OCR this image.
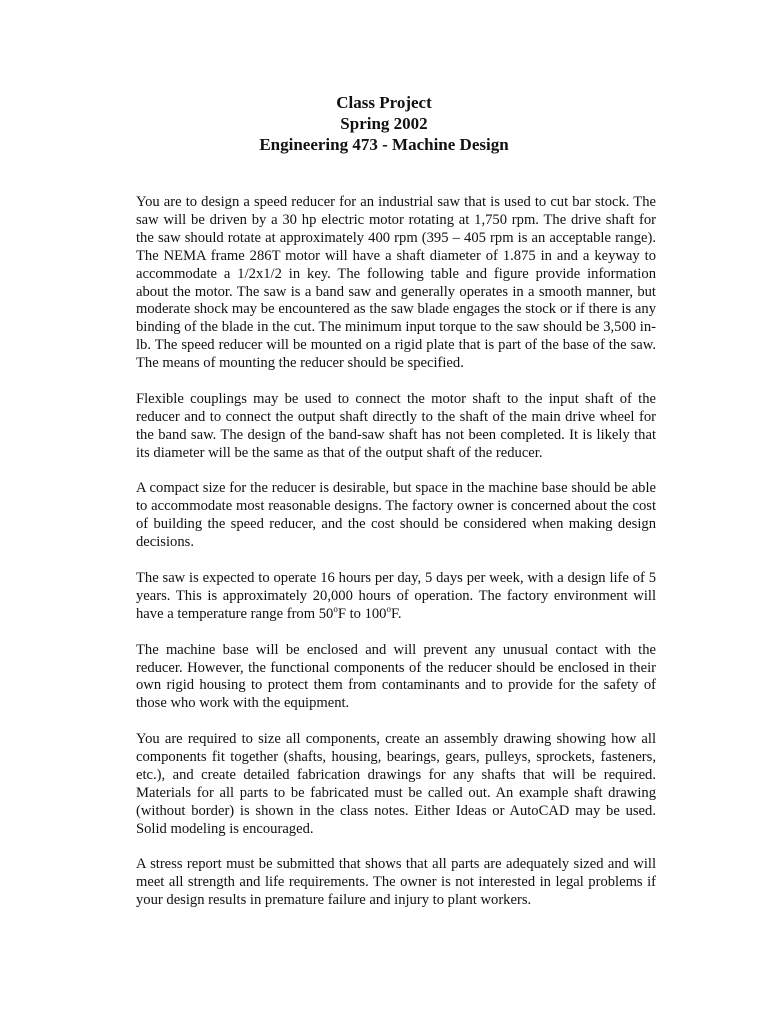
Class Project
Spring 2002
Engineering 473 - Machine Design

You are to design a speed reducer for an industrial saw that is used to cut bar stock. The saw will be driven by a 30 hp electric motor rotating at 1,750 rpm. The drive shaft for the saw should rotate at approximately 400 rpm (395 – 405 rpm is an acceptable range). The NEMA frame 286T motor will have a shaft diameter of 1.875 in and a keyway to accommodate a 1/2x1/2 in key. The following table and figure provide information about the motor. The saw is a band saw and generally operates in a smooth manner, but moderate shock may be encountered as the saw blade engages the stock or if there is any binding of the blade in the cut. The minimum input torque to the saw should be 3,500 in-lb. The speed reducer will be mounted on a rigid plate that is part of the base of the saw. The means of mounting the reducer should be specified.

Flexible couplings may be used to connect the motor shaft to the input shaft of the reducer and to connect the output shaft directly to the shaft of the main drive wheel for the band saw. The design of the band-saw shaft has not been completed. It is likely that its diameter will be the same as that of the output shaft of the reducer.

A compact size for the reducer is desirable, but space in the machine base should be able to accommodate most reasonable designs. The factory owner is concerned about the cost of building the speed reducer, and the cost should be considered when making design decisions.

The saw is expected to operate 16 hours per day, 5 days per week, with a design life of 5 years. This is approximately 20,000 hours of operation. The factory environment will have a temperature range from 50$^o$F to 100$^o$F.

The machine base will be enclosed and will prevent any unusual contact with the reducer. However, the functional components of the reducer should be enclosed in their own rigid housing to protect them from contaminants and to provide for the safety of those who work with the equipment.

You are required to size all components, create an assembly drawing showing how all components fit together (shafts, housing, bearings, gears, pulleys, sprockets, fasteners, etc.), and create detailed fabrication drawings for any shafts that will be required. Materials for all parts to be fabricated must be called out. An example shaft drawing (without border) is shown in the class notes. Either Ideas or AutoCAD may be used. Solid modeling is encouraged.

A stress report must be submitted that shows that all parts are adequately sized and will meet all strength and life requirements. The owner is not interested in legal problems if your design results in premature failure and injury to plant workers.
